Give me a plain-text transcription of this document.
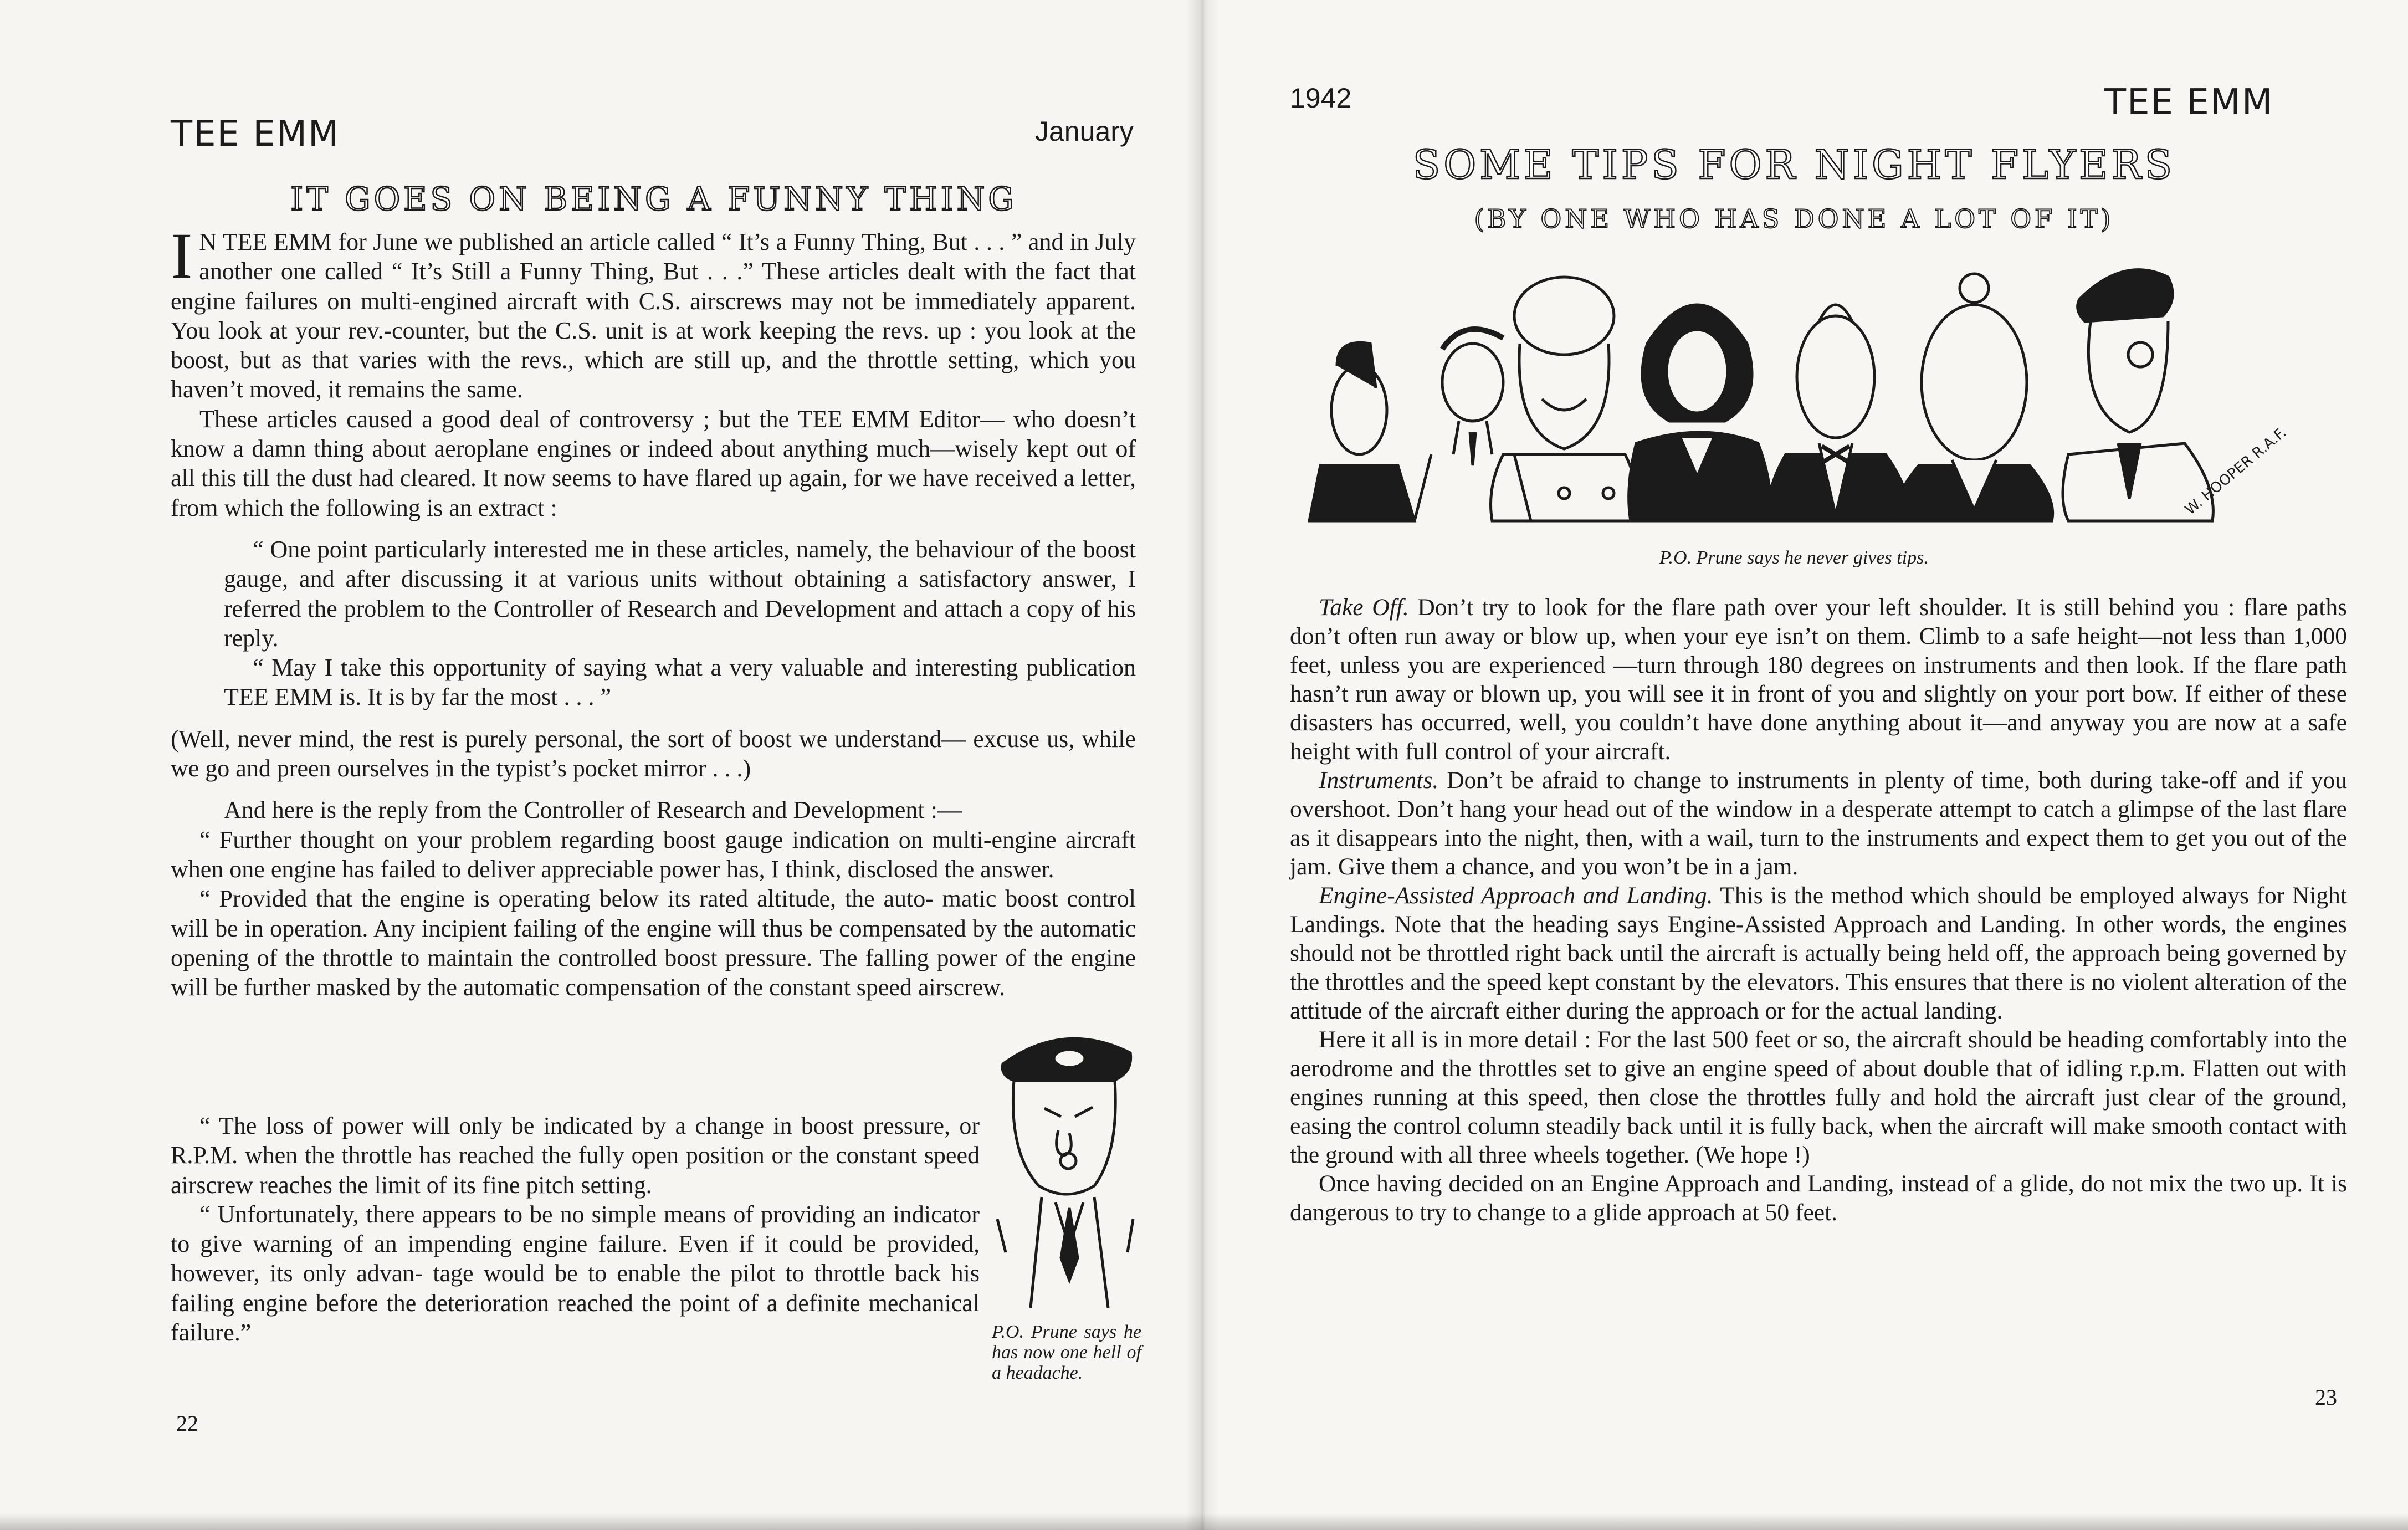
TEE EMM	January
IT GOES ON BEING A FUNNY THING

I N TEE EMM for June we published an article called “ It’s a Funny Thing, But . . . ” and in July another one called “ It’s Still a Funny Thing, But . . .” These articles dealt with the fact that engine failures on multi-engined aircraft with C.S. airscrews may not be immediately apparent. You look at your rev.-counter, but the C.S. unit is at work keeping the revs. up : you look at the boost, but as that varies with the revs., which are still up, and the throttle setting, which you haven’t moved, it remains the same.

These articles caused a good deal of controversy ; but the TEE EMM Editor— who doesn’t know a damn thing about aeroplane engines or indeed about anything much—wisely kept out of all this till the dust had cleared. It now seems to have flared up again, for we have received a letter, from which the following is an extract :

“ One point particularly interested me in these articles, namely, the behaviour of the boost gauge, and after discussing it at various units without obtaining a satisfactory answer, I referred the problem to the Controller of Research and Development and attach a copy of his reply.

“ May I take this opportunity of saying what a very valuable and interesting publication TEE EMM is. It is by far the most . . . ”

(Well, never mind, the rest is purely personal, the sort of boost we understand— excuse us, while we go and preen ourselves in the typist’s pocket mirror . . .)

And here is the reply from the Controller of Research and Development :—

“ Further thought on your problem regarding boost gauge indication on multi-engine aircraft when one engine has failed to deliver appreciable power has, I think, disclosed the answer.

“ Provided that the engine is operating below its rated altitude, the auto- matic boost control will be in operation. Any incipient failing of the engine will thus be compensated by the automatic opening of the throttle to maintain the controlled boost pressure. The falling power of the engine will be further masked by the automatic compensation of the constant speed airscrew.

“ The loss of power will only be indicated by a change in boost pressure, or R.P.M. when the throttle has reached the fully open position or the constant speed airscrew reaches the limit of its fine pitch setting.

“ Unfortunately, there appears to be no simple means of providing an indicator to give warning of an impending engine failure. Even if it could be provided, however, its only advan- tage would be to enable the pilot to throttle back his failing engine before the deterioration reached the point of a definite mechanical failure.”	P.O. Prune says he has now one hell of a headache.
22
1942	TEE EMM
SOME TIPS FOR NIGHT FLYERS
(BY ONE WHO HAS DONE A LOT OF IT)
W. HOOPER R.A.F.
P.O. Prune says he never gives tips.

Take Off. Don’t try to look for the flare path over your left shoulder. It is still behind you : flare paths don’t often run away or blow up, when your eye isn’t on them. Climb to a safe height—not less than 1,000 feet, unless you are experienced —turn through 180 degrees on instruments and then look. If the flare path hasn’t run away or blown up, you will see it in front of you and slightly on your port bow. If either of these disasters has occurred, well, you couldn’t have done anything about it—and anyway you are now at a safe height with full control of your aircraft.

Instruments. Don’t be afraid to change to instruments in plenty of time, both during take-off and if you overshoot. Don’t hang your head out of the window in a desperate attempt to catch a glimpse of the last flare as it disappears into the night, then, with a wail, turn to the instruments and expect them to get you out of the jam. Give them a chance, and you won’t be in a jam.

Engine-Assisted Approach and Landing. This is the method which should be employed always for Night Landings. Note that the heading says Engine-Assisted Approach and Landing. In other words, the engines should not be throttled right back until the aircraft is actually being held off, the approach being governed by the throttles and the speed kept constant by the elevators. This ensures that there is no violent alteration of the attitude of the aircraft either during the approach or for the actual landing.

Here it all is in more detail : For the last 500 feet or so, the aircraft should be heading comfortably into the aerodrome and the throttles set to give an engine speed of about double that of idling r.p.m. Flatten out with engines running at this speed, then close the throttles fully and hold the aircraft just clear of the ground, easing the control column steadily back until it is fully back, when the aircraft will make smooth contact with the ground with all three wheels together. (We hope !)

Once having decided on an Engine Approach and Landing, instead of a glide, do not mix the two up. It is dangerous to try to change to a glide approach at 50 feet.

23
